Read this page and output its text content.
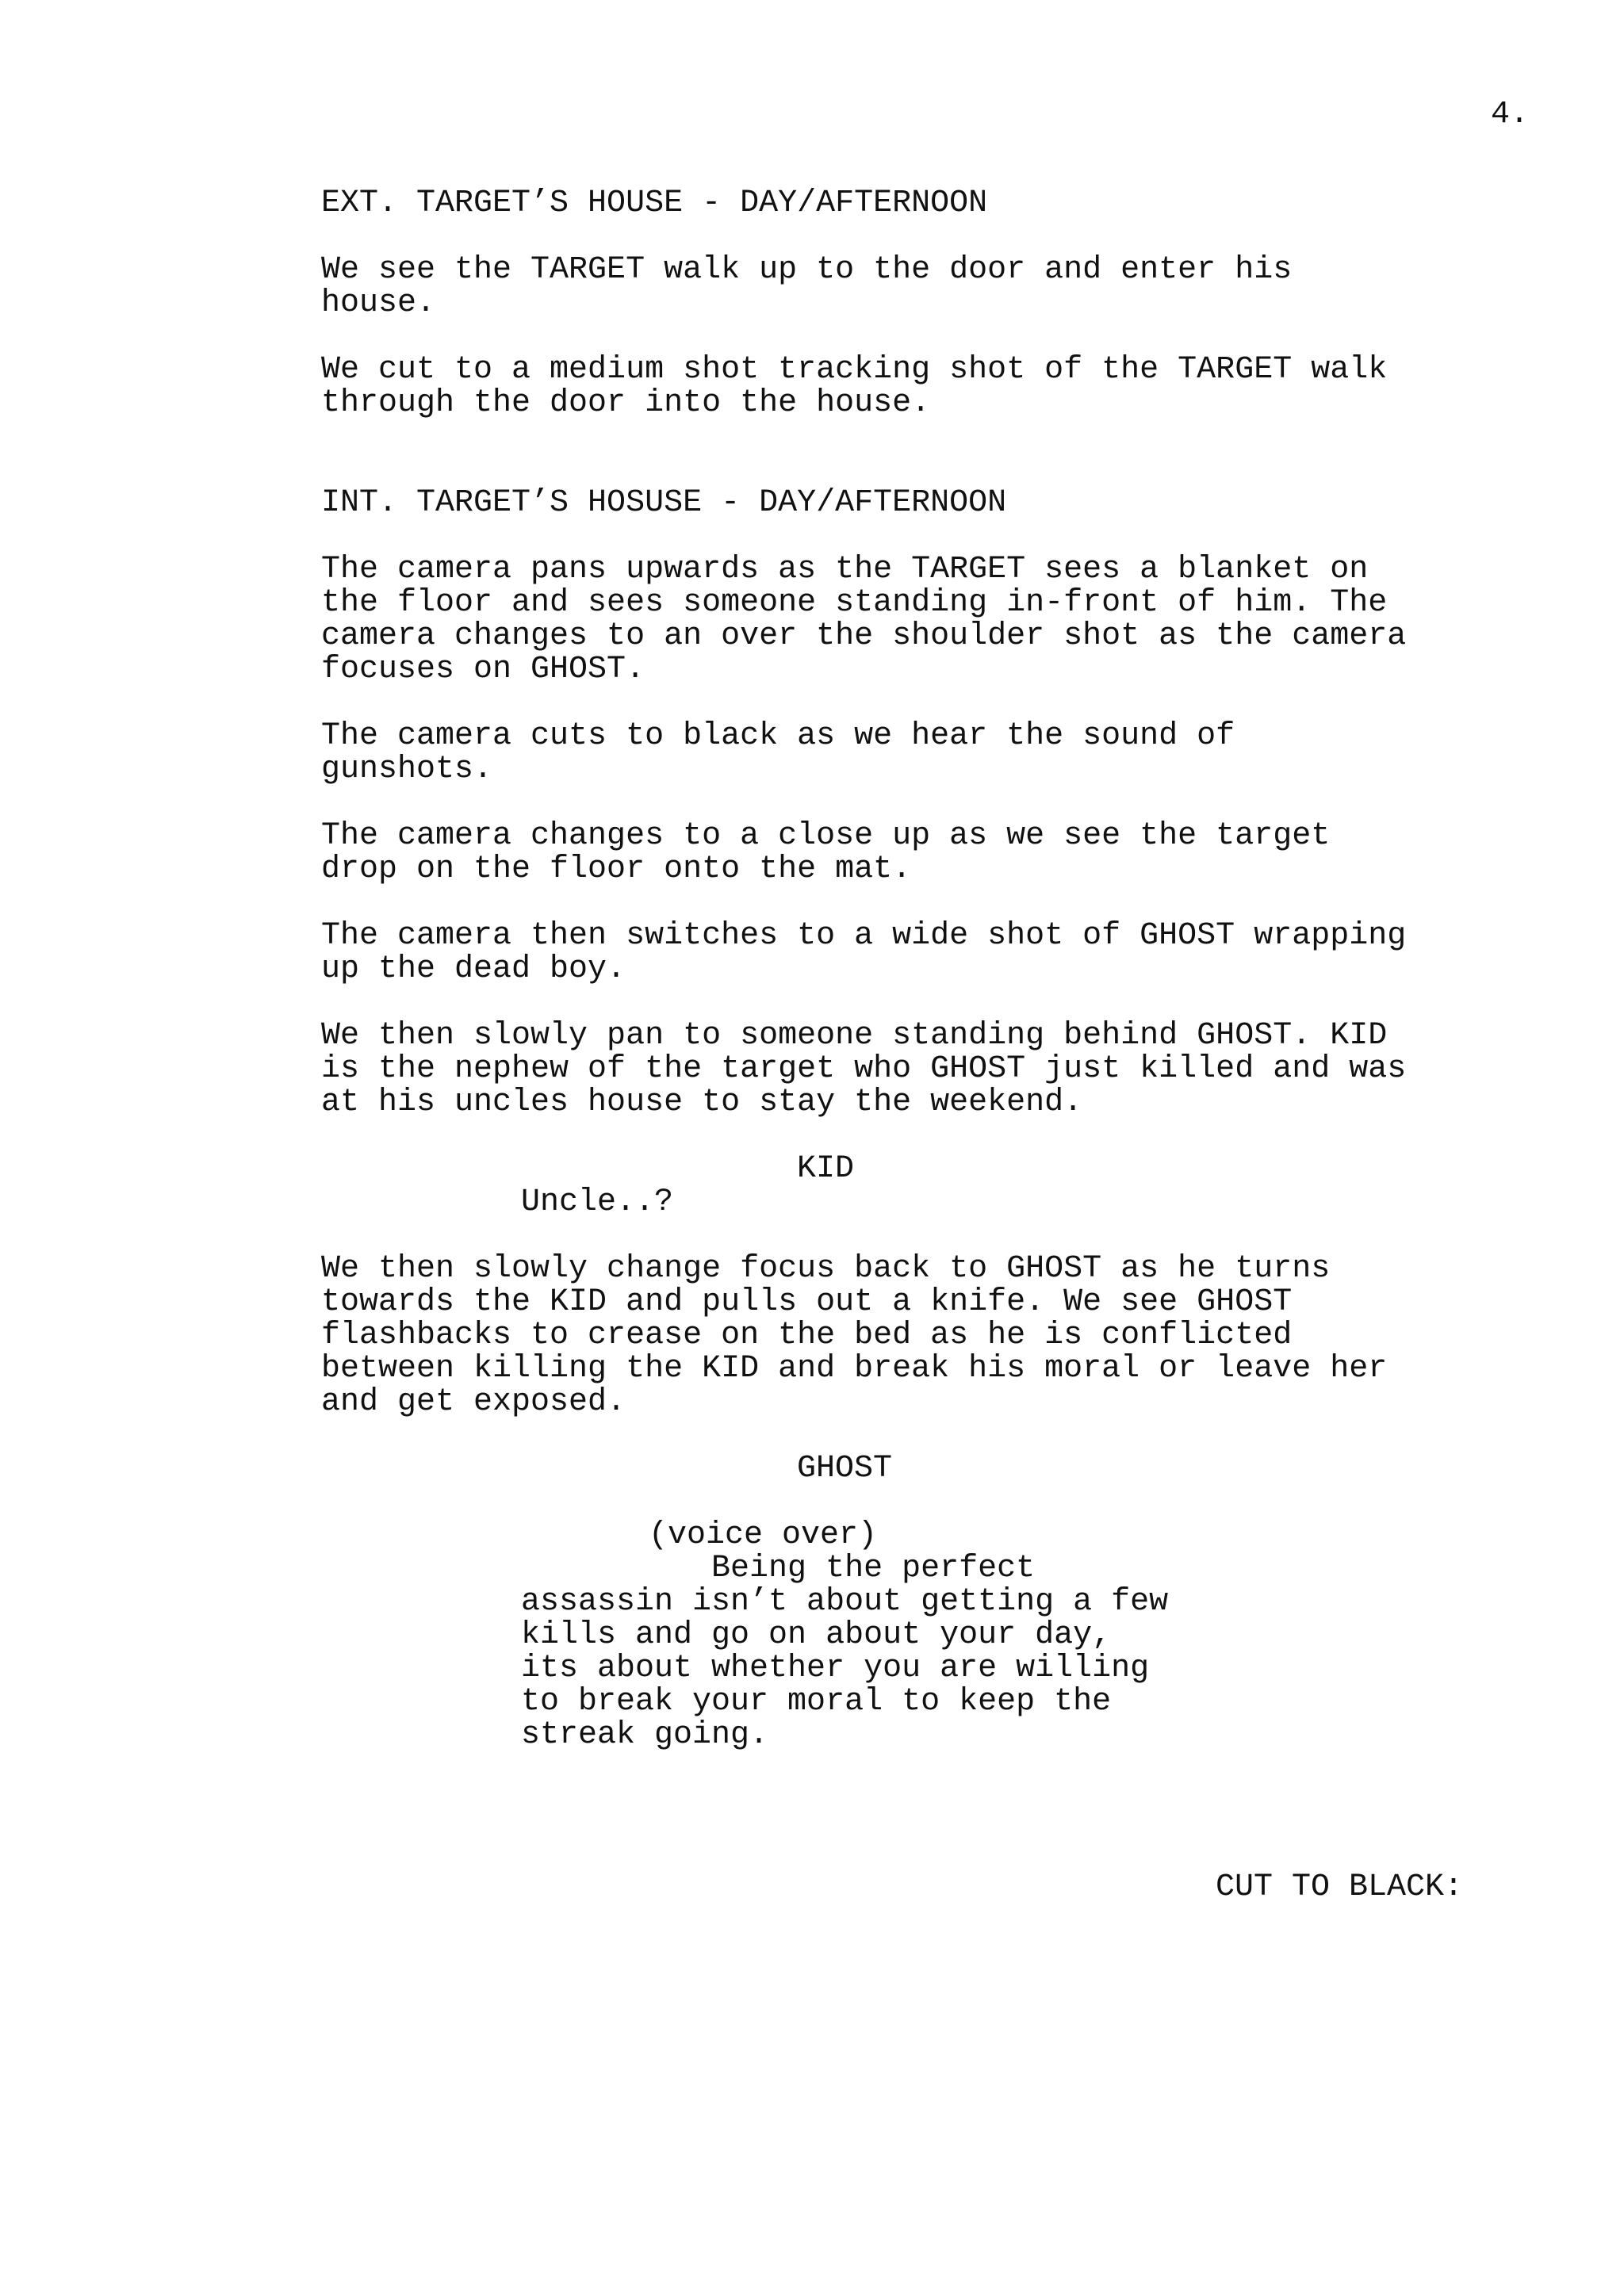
4.
EXT. TARGET’S HOUSE - DAY/AFTERNOON
We see the TARGET walk up to the door and enter his
house.
We cut to a medium shot tracking shot of the TARGET walk
through the door into the house.
INT. TARGET’S HOSUSE - DAY/AFTERNOON
The camera pans upwards as the TARGET sees a blanket on
the floor and sees someone standing in-front of him. The
camera changes to an over the shoulder shot as the camera
focuses on GHOST.
The camera cuts to black as we hear the sound of
gunshots.
The camera changes to a close up as we see the target
drop on the floor onto the mat.
The camera then switches to a wide shot of GHOST wrapping
up the dead boy.
We then slowly pan to someone standing behind GHOST. KID
is the nephew of the target who GHOST just killed and was
at his uncles house to stay the weekend.
KID
Uncle..?
We then slowly change focus back to GHOST as he turns
towards the KID and pulls out a knife. We see GHOST
flashbacks to crease on the bed as he is conflicted
between killing the KID and break his moral or leave her
and get exposed.
GHOST
(voice over)
Being the perfect
assassin isn’t about getting a few
kills and go on about your day,
its about whether you are willing
to break your moral to keep the
streak going.
CUT TO BLACK:
